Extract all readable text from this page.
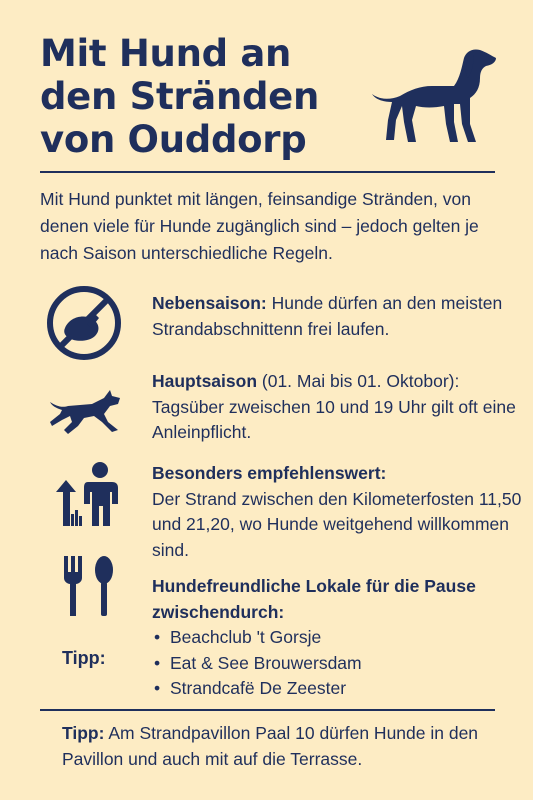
Mit Hund an den Stränden von Ouddorp
Mit Hund punktet mit längen, feinsandige Stränden, von denen viele für Hunde zugänglich sind – jedoch gelten je nach Saison unterschiedliche Regeln.
Nebensaison: Hunde dürfen an den meisten Strandabschnittenn frei laufen.
Hauptsaison (01. Mai bis 01. Oktobor): Tagsüber zweischen 10 und 19 Uhr gilt oft eine Anleinpflicht.
Besonders empfehlenswert:
Der Strand zwischen den Kilometerfosten 11,50 und 21,20, wo Hunde weitgehend willkommen sind.
Hundefreundliche Lokale für die Pause zwischendurch:
• Beachclub 't Gorsje
• Eat & See Brouwersdam
• Strandcafë De Zeester
Tipp:
Tipp: Am Strandpavillon Paal 10 dürfen Hunde in den Pavillon und auch mit auf die Terrasse.
